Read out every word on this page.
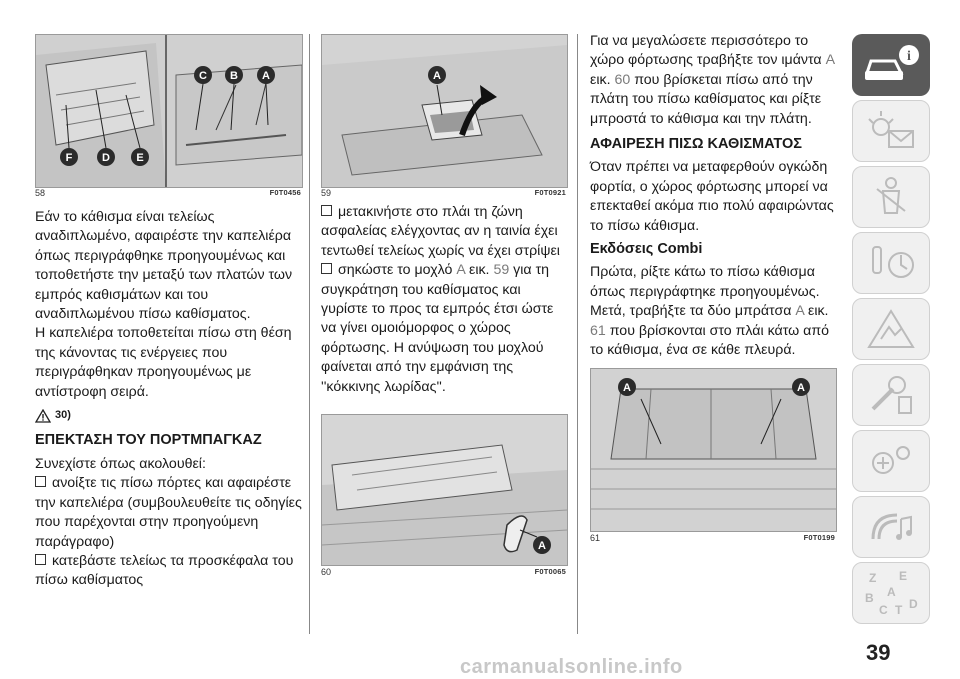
C B A
F	D E
58	F0T0456
A
59	F0T0921
A
60	F0T0065
A	A
61	F0T0199

Εάν το κάθισμα είναι τελείως αναδιπλωμένο, αφαιρέστε την καπελιέρα όπως περιγράφθηκε προηγουμένως και τοποθετήστε την μεταξύ των πλατών των εμπρός καθισμάτων και του αναδιπλωμένου πίσω καθίσματος.

Η καπελιέρα τοποθετείται πίσω στη θέση της κάνοντας τις ενέργειες που περιγράφθηκαν προηγουμένως με αντίστροφη σειρά.

30)

ΕΠΕΚΤΑΣΗ ΤΟΥ ΠΟΡΤΜΠΑΓΚΑΖ

Συνεχίστε όπως ακολουθεί:

ανοίξτε τις πίσω πόρτες και αφαιρέστε την καπελιέρα (συμβουλευθείτε τις οδηγίες που παρέχονται στην προηγούμενη παράγραφο)

κατεβάστε τελείως τα προσκέφαλα του πίσω καθίσματος

μετακινήστε στο πλάι τη ζώνη ασφαλείας ελέγχοντας αν η ταινία έχει τεντωθεί τελείως χωρίς να έχει στρίψει

σηκώστε το μοχλό A εικ. 59 για τη συγκράτηση του καθίσματος και γυρίστε το προς τα εμπρός έτσι ώστε να γίνει ομοιόμορφος ο χώρος φόρτωσης. Η ανύψωση του μοχλού φαίνεται από την εμφάνιση της ''κόκκινης λωρίδας''.

Για να μεγαλώσετε περισσότερο το χώρο φόρτωσης τραβήξτε τον ιμάντα A εικ. 60 που βρίσκεται πίσω από την πλάτη του πίσω καθίσματος και ρίξτε μπροστά το κάθισμα και την πλάτη.

ΑΦΑΙΡΕΣΗ ΠΙΣΩ ΚΑΘΙΣΜΑΤΟΣ

Όταν πρέπει να μεταφερθούν ογκώδη φορτία, ο χώρος φόρτωσης μπορεί να επεκταθεί ακόμα πιο πολύ αφαιρώντας το πίσω κάθισμα.

Εκδόσεις Combi

Πρώτα, ρίξτε κάτω το πίσω κάθισμα όπως περιγράφτηκε προηγουμένως. Μετά, τραβήξτε τα δύο μπράτσα A εικ. 61 που βρίσκονται στο πλάι κάτω από το κάθισμα, ένα σε κάθε πλευρά.

i
Z E
B A
C T D
39
carmanualsonline.info
